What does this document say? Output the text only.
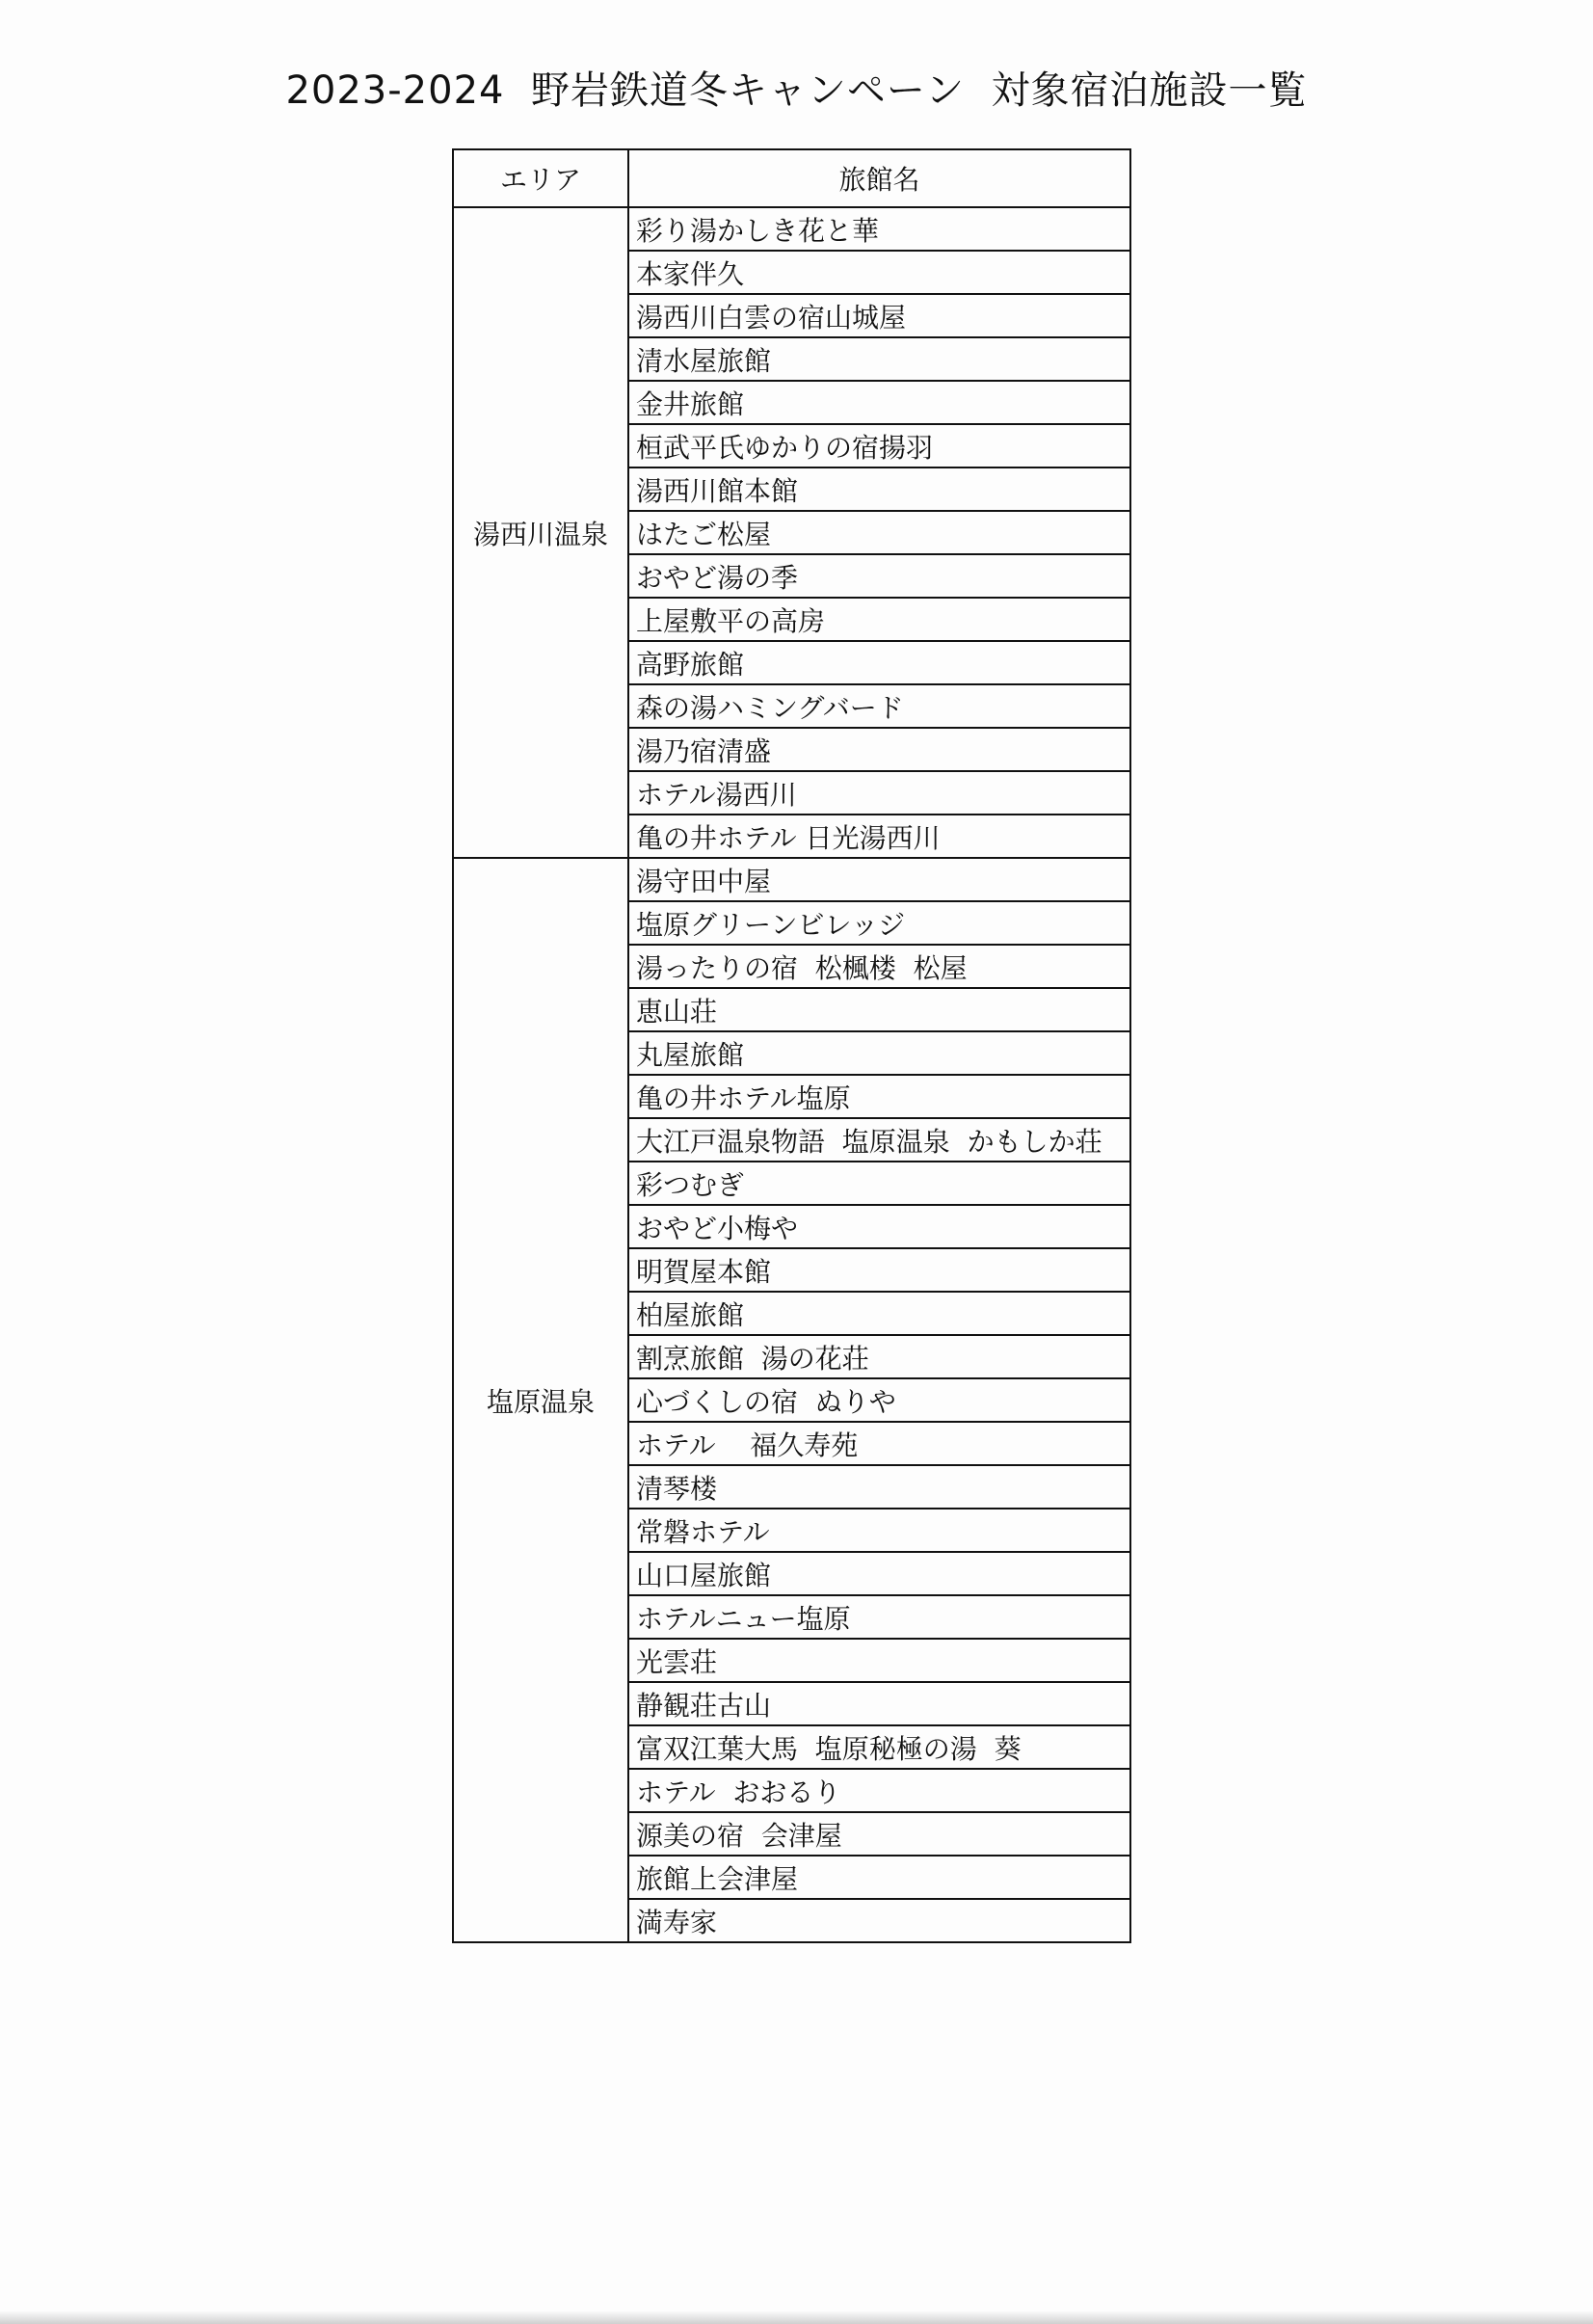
2023-2024  野岩鉄道冬キャンペーン  対象宿泊施設一覧
エリア	旅館名
湯西川温泉	彩り湯かしき花と華
	本家伴久
	湯西川白雲の宿山城屋
	清水屋旅館
	金井旅館
	桓武平氏ゆかりの宿揚羽
	湯西川館本館
	はたご松屋
	おやど湯の季
	上屋敷平の高房
	高野旅館
	森の湯ハミングバード
	湯乃宿清盛
	ホテル湯西川
	亀の井ホテル 日光湯西川
塩原温泉	湯守田中屋
	塩原グリーンビレッジ
	湯ったりの宿  松楓楼  松屋
	恵山荘
	丸屋旅館
	亀の井ホテル塩原
	大江戸温泉物語  塩原温泉  かもしか荘
	彩つむぎ
	おやど小梅や
	明賀屋本館
	柏屋旅館
	割烹旅館  湯の花荘
	心づくしの宿  ぬりや
	ホテル    福久寿苑
	清琴楼
	常磐ホテル
	山口屋旅館
	ホテルニュー塩原
	光雲荘
	静観荘古山
	富双江葉大馬  塩原秘極の湯  葵
	ホテル  おおるり
	源美の宿  会津屋
	旅館上会津屋
	満寿家
